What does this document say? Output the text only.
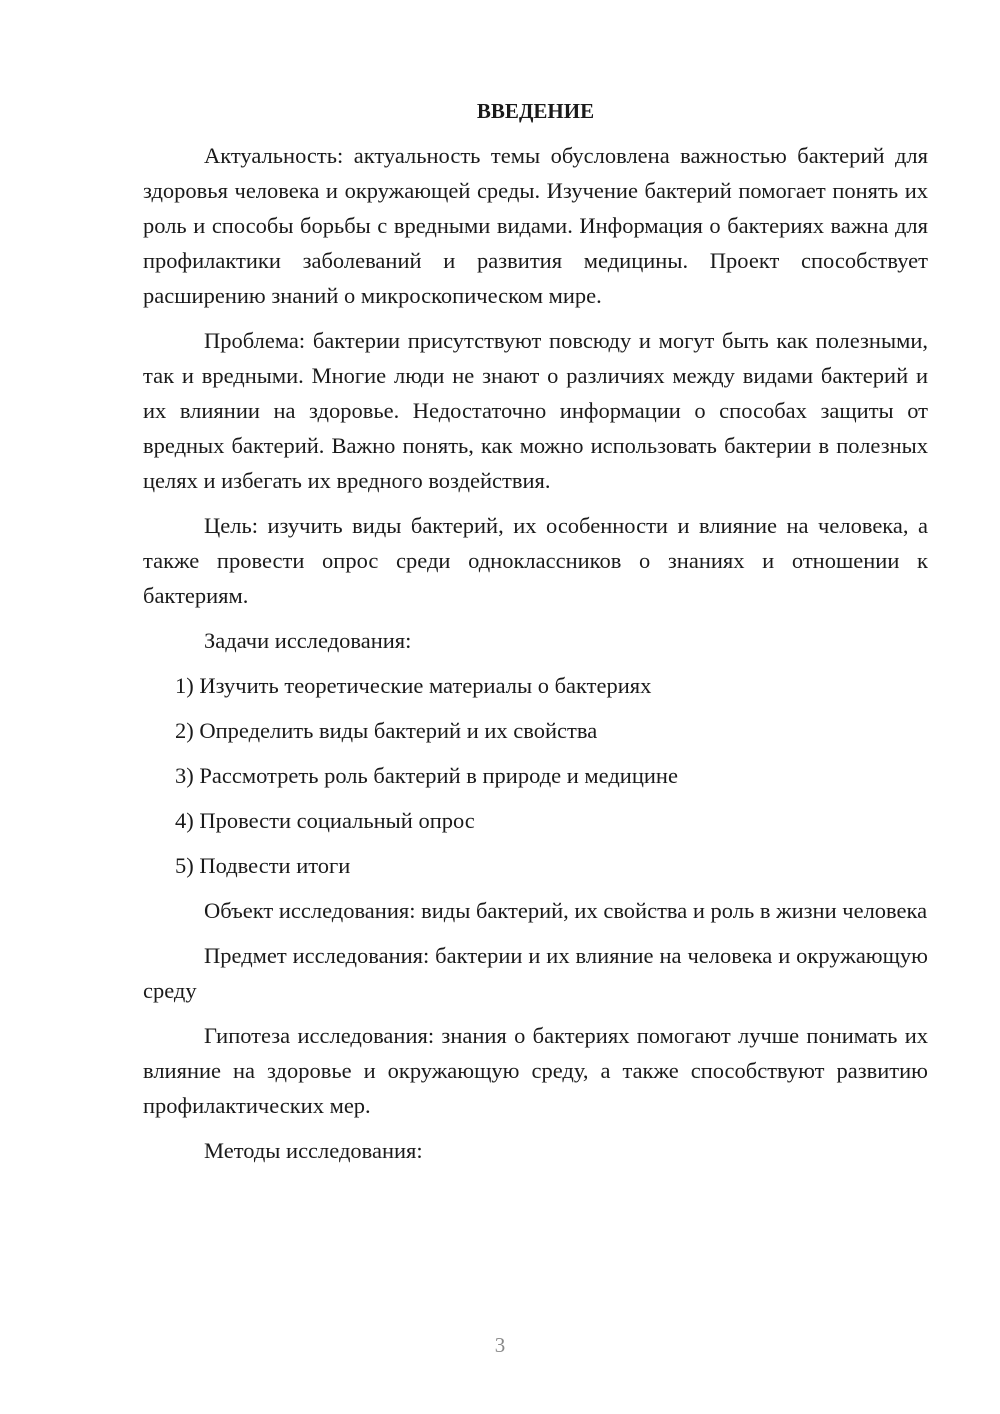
ВВЕДЕНИЕ

Актуальность: актуальность темы обусловлена важностью бактерий для здоровья человека и окружающей среды. Изучение бактерий помогает понять их роль и способы борьбы с вредными видами. Информация о бактериях важна для профилактики заболеваний и развития медицины. Проект способствует расширению знаний о микроскопическом мире.

Проблема: бактерии присутствуют повсюду и могут быть как полезными, так и вредными. Многие люди не знают о различиях между видами бактерий и их влиянии на здоровье. Недостаточно информации о способах защиты от вредных бактерий. Важно понять, как можно использовать бактерии в полезных целях и избегать их вредного воздействия.

Цель: изучить виды бактерий, их особенности и влияние на человека, а также провести опрос среди одноклассников о знаниях и отношении к бактериям.

Задачи исследования:

1) Изучить теоретические материалы о бактериях
2) Определить виды бактерий и их свойства
3) Рассмотреть роль бактерий в природе и медицине
4) Провести социальный опрос
5) Подвести итоги

Объект исследования: виды бактерий, их свойства и роль в жизни человека

Предмет исследования: бактерии и их влияние на человека и окружающую среду

Гипотеза исследования: знания о бактериях помогают лучше понимать их влияние на здоровье и окружающую среду, а также способствуют развитию профилактических мер.

Методы исследования:

3
